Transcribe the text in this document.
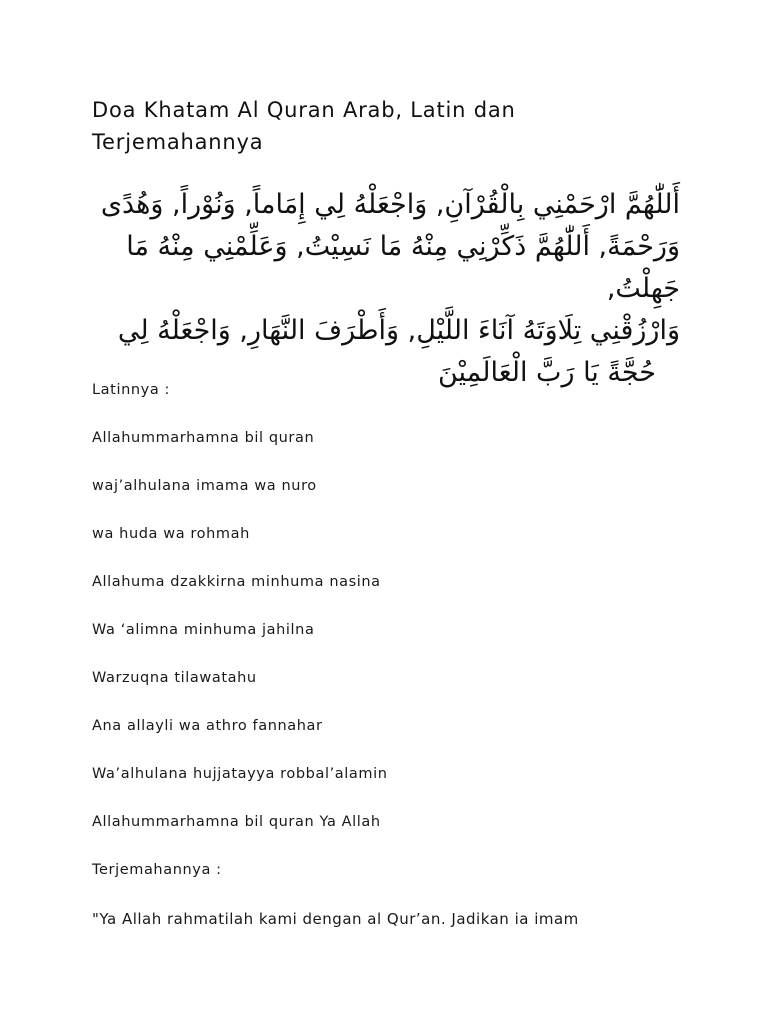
Doa Khatam Al Quran Arab, Latin dan Terjemahannya
أَللّٰهُمَّ ارْحَمْنِي بِالْقُرْآنِ, وَاجْعَلْهُ لِي إِمَاماً, وَنُوْراً, وَهُدًى
وَرَحْمَةً, أَللّٰهُمَّ ذَكِّرْنِي مِنْهُ مَا نَسِيْتُ, وَعَلِّمْنِي مِنْهُ مَا جَهِلْتُ,
وَارْزُقْنِي تِلَاوَتَهُ آنَاءَ اللَّيْلِ, وَأَطْرَفَ النَّهَارِ, وَاجْعَلْهُ لِي
حُجَّةً يَا رَبَّ الْعَالَمِيْنَ

Latinnya :

Allahummarhamna bil quran

waj’alhulana imama wa nuro

wa huda wa rohmah

Allahuma dzakkirna minhuma nasina

Wa ‘alimna minhuma jahilna

Warzuqna tilawatahu

Ana allayli wa athro fannahar

Wa’alhulana hujjatayya robbal’alamin

Allahummarhamna bil quran Ya Allah

Terjemahannya :

"Ya Allah rahmatilah kami dengan al Qur’an. Jadikan ia imam
